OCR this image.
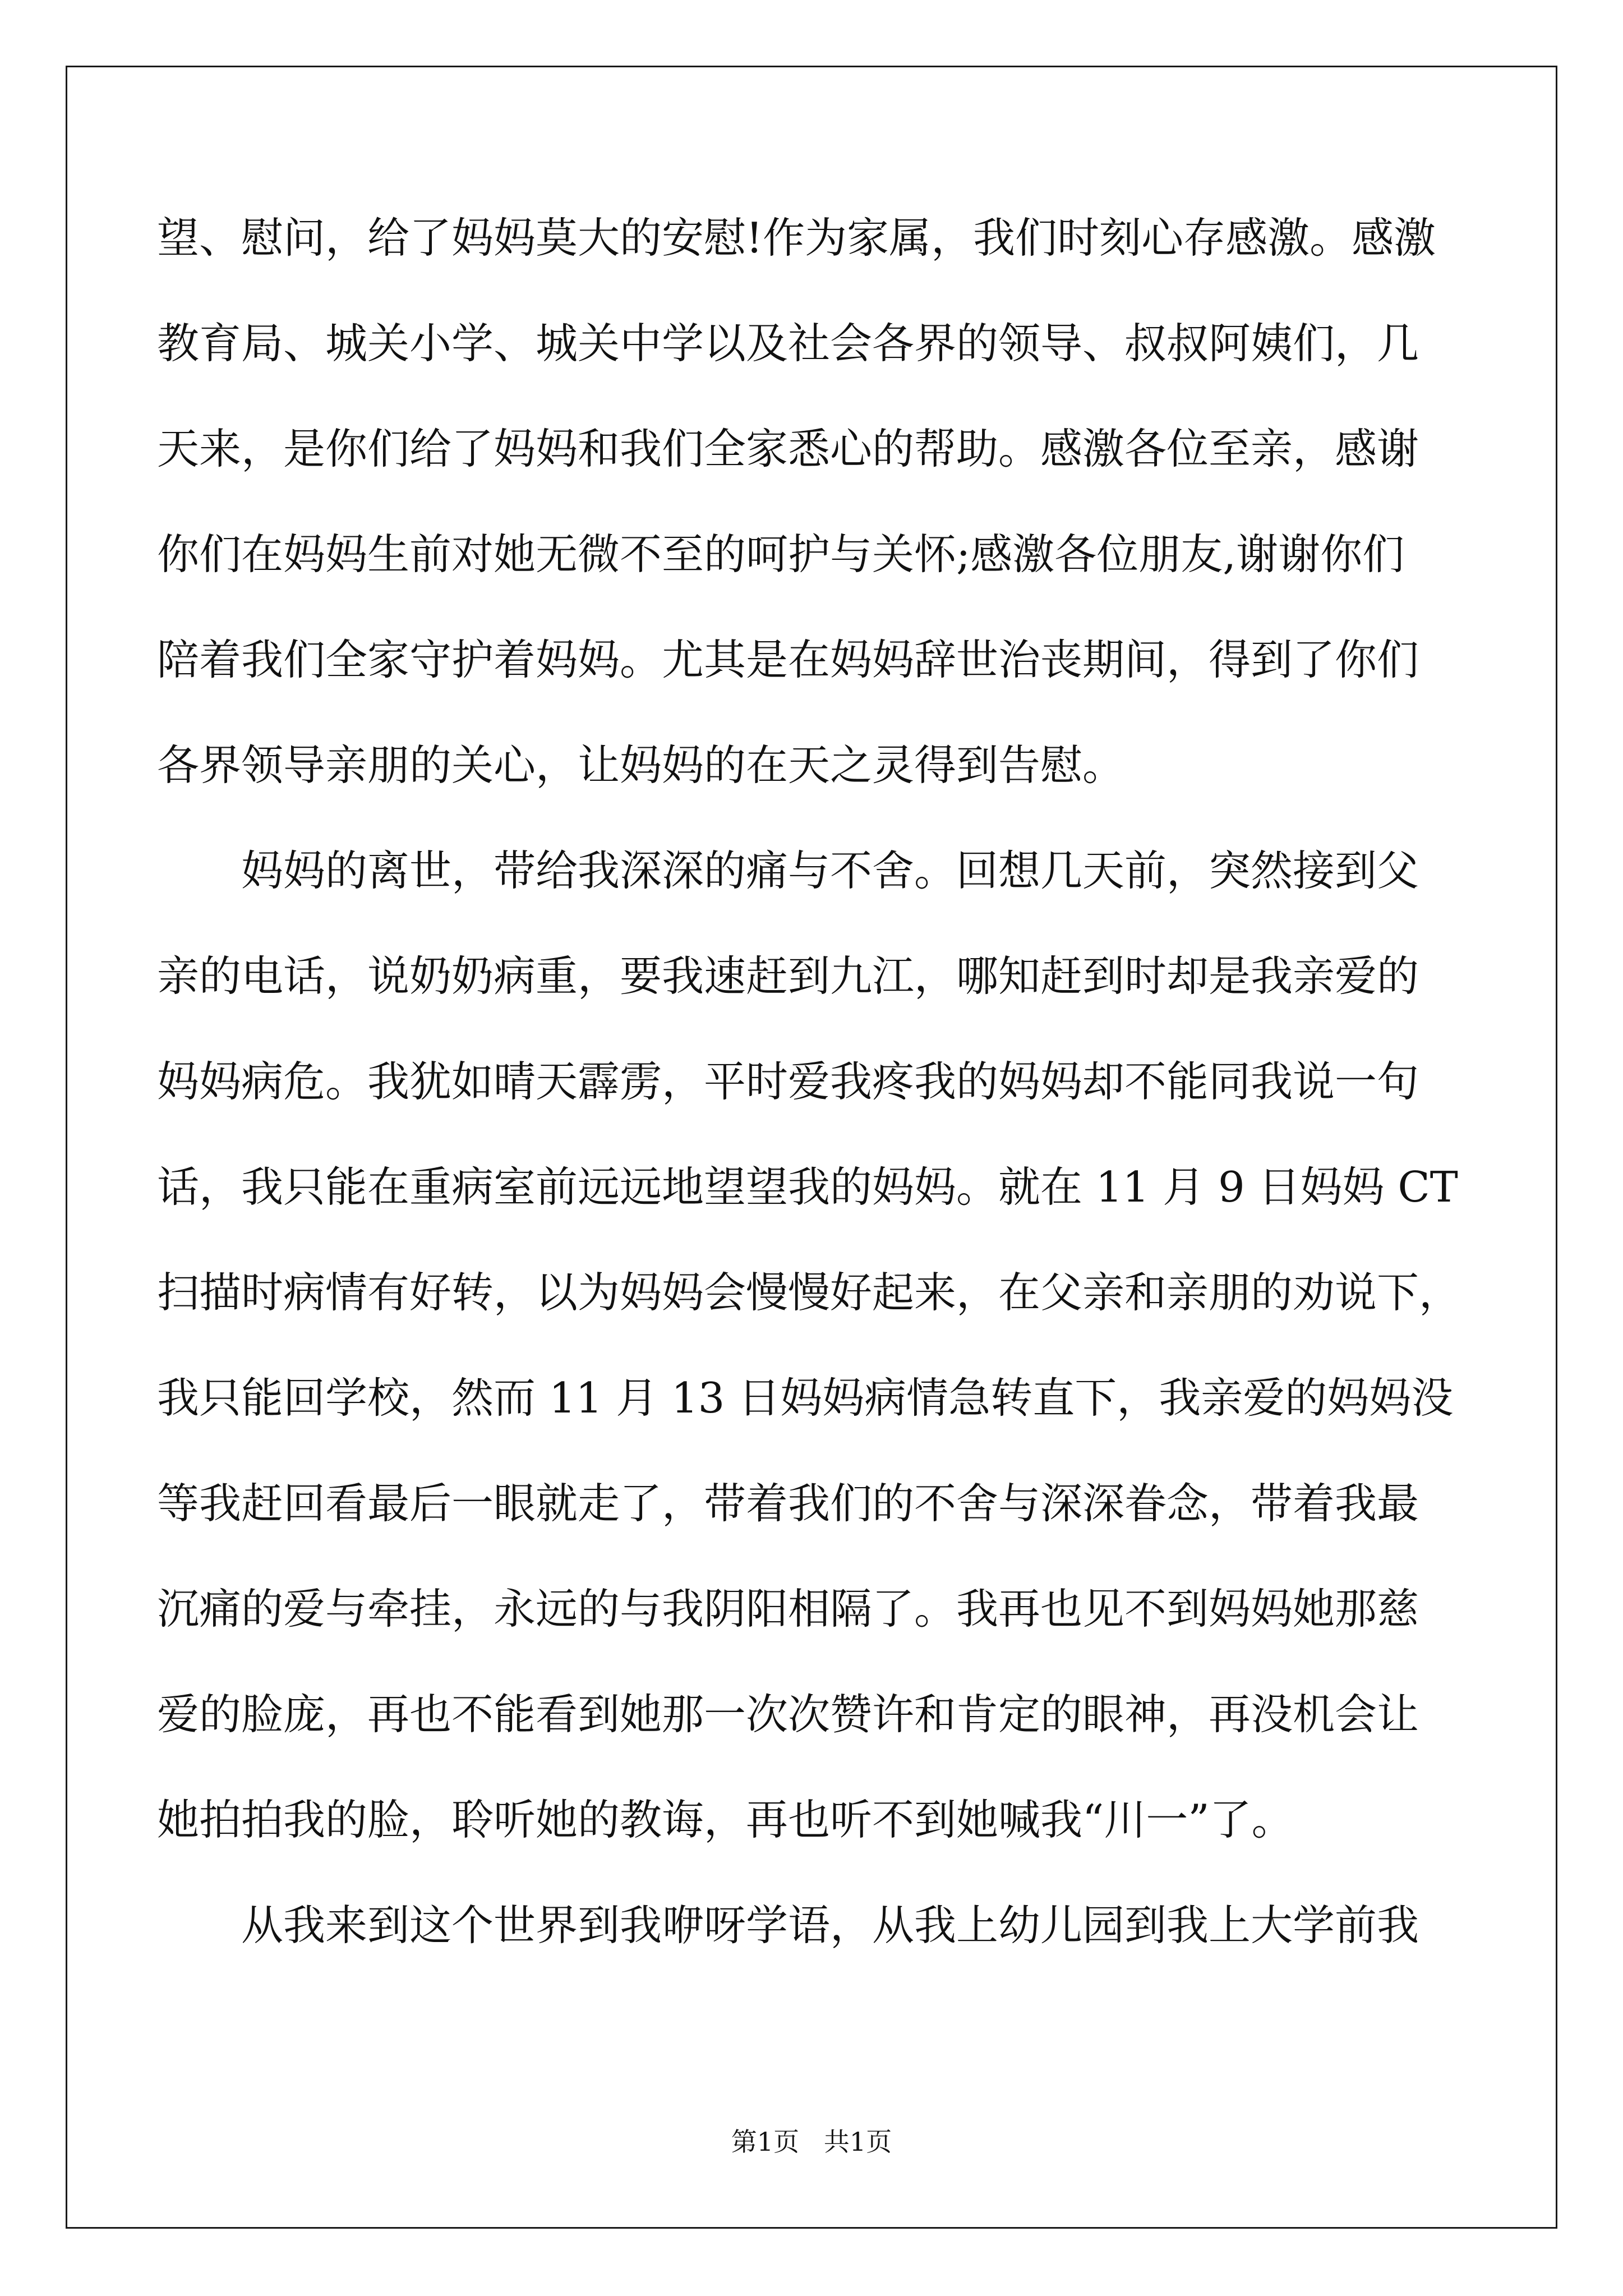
望、慰问，给了妈妈莫大的安慰!作为家属，我们时刻心存感激。感激
教育局、城关小学、城关中学以及社会各界的领导、叔叔阿姨们，几
天来，是你们给了妈妈和我们全家悉心的帮助。感激各位至亲，感谢
你们在妈妈生前对她无微不至的呵护与关怀;感激各位朋友,谢谢你们
陪着我们全家守护着妈妈。尤其是在妈妈辞世治丧期间，得到了你们
各界领导亲朋的关心，让妈妈的在天之灵得到告慰。
　　妈妈的离世，带给我深深的痛与不舍。回想几天前，突然接到父
亲的电话，说奶奶病重，要我速赶到九江，哪知赶到时却是我亲爱的
妈妈病危。我犹如晴天霹雳，平时爱我疼我的妈妈却不能同我说一句
话，我只能在重病室前远远地望望我的妈妈。就在 11 月 9 日妈妈 CT
扫描时病情有好转，以为妈妈会慢慢好起来，在父亲和亲朋的劝说下，
我只能回学校，然而 11 月 13 日妈妈病情急转直下，我亲爱的妈妈没
等我赶回看最后一眼就走了，带着我们的不舍与深深眷念，带着我最
沉痛的爱与牵挂，永远的与我阴阳相隔了。我再也见不到妈妈她那慈
爱的脸庞，再也不能看到她那一次次赞许和肯定的眼神，再没机会让
她拍拍我的脸，聆听她的教诲，再也听不到她喊我“川一”了。
　　从我来到这个世界到我咿呀学语，从我上幼儿园到我上大学前我
第1页   共1页
